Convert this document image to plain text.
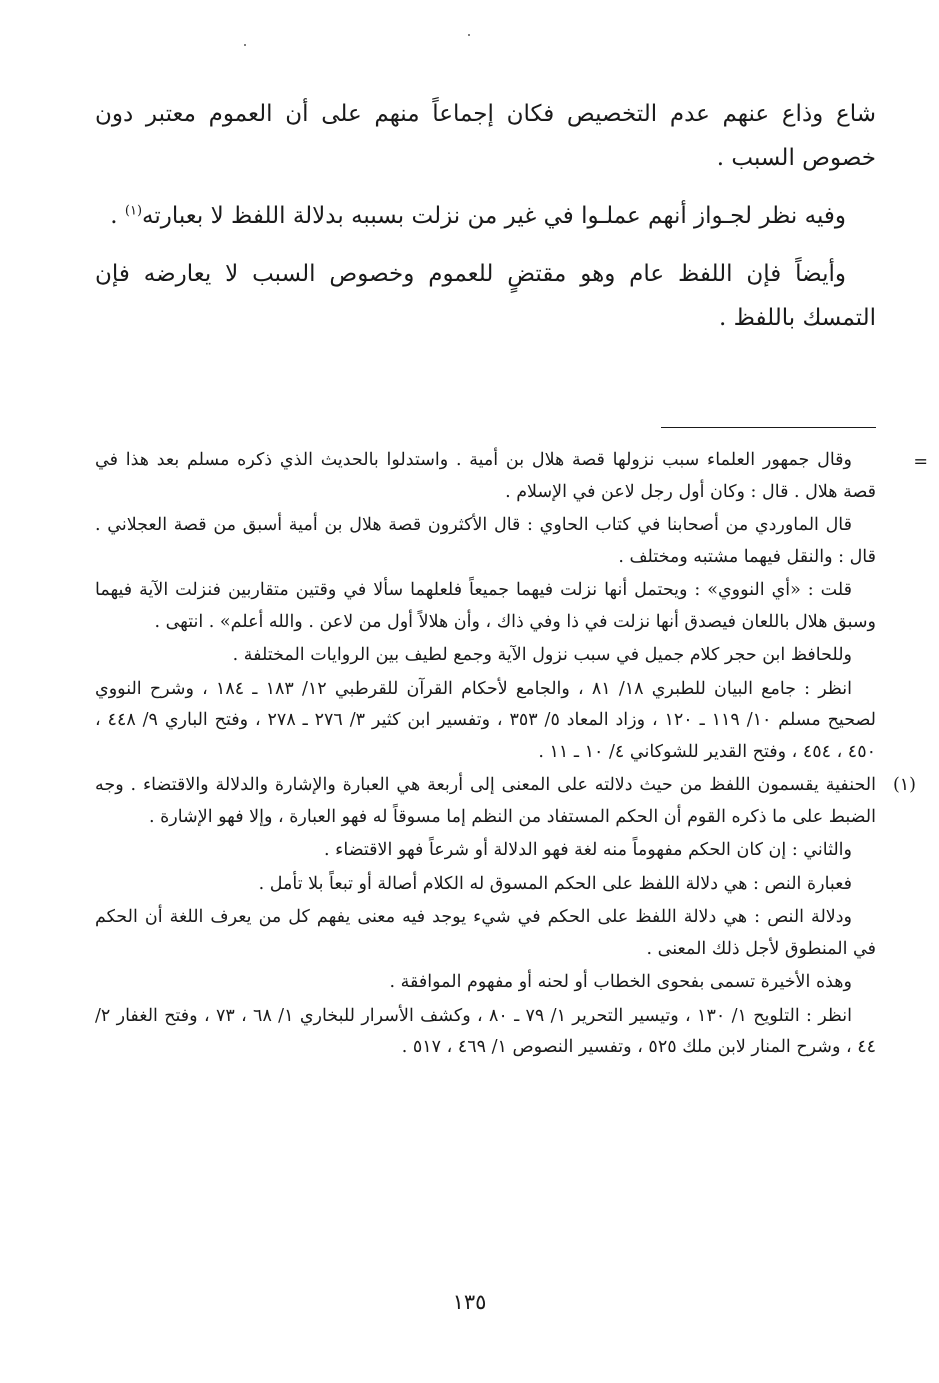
شاع وذاع عنهم عدم التخصيص فكان إجماعاً منهم على أن العموم معتبر دون خصوص السبب .

وفيه نظر لجـواز أنهم عملـوا في غير من نزلت بسببه بدلالة اللفظ لا بعبارته$^{(١)}$ .

وأيضاً فإن اللفظ عام وهو مقتضٍ للعموم وخصوص السبب لا يعارضه فإن التمسك باللفظ .

=

وقال جمهور العلماء سبب نزولها قصة هلال بن أمية . واستدلوا بالحديث الذي ذكره مسلم بعد هذا في قصة هلال . قال : وكان أول رجل لاعن في الإسلام .

قال الماوردي من أصحابنا في كتاب الحاوي : قال الأكثرون قصة هلال بن أمية أسبق من قصة العجلاني . قال : والنقل فيهما مشتبه ومختلف .

قلت : «أي النووي» : ويحتمل أنها نزلت فيهما جميعاً فلعلهما سألا في وقتين متقاربين فنزلت الآية فيهما وسبق هلال باللعان فيصدق أنها نزلت في ذا وفي ذاك ، وأن هلالاً أول من لاعن . والله أعلم» . انتهى .

وللحافظ ابن حجر كلام جميل في سبب نزول الآية وجمع لطيف بين الروايات المختلفة .

انظر : جامع البيان للطبري ١٨/ ٨١ ، والجامع لأحكام القرآن للقرطبي ١٢/ ١٨٣ ـ ١٨٤ ، وشرح النووي لصحيح مسلم ١٠/ ١١٩ ـ ١٢٠ ، وزاد المعاد ٥/ ٣٥٣ ، وتفسير ابن كثير ٣/ ٢٧٦ ـ ٢٧٨ ، وفتح الباري ٩/ ٤٤٨ ، ٤٥٠ ، ٤٥٤ ، وفتح القدير للشوكاني ٤/ ١٠ ـ ١١ .

(١)

الحنفية يقسمون اللفظ من حيث دلالته على المعنى إلى أربعة هي العبارة والإشارة والدلالة والاقتضاء . وجه الضبط على ما ذكره القوم أن الحكم المستفاد من النظم إما مسوقاً له فهو العبارة ، وإلا فهو الإشارة .

والثاني : إن كان الحكم مفهوماً منه لغة فهو الدلالة أو شرعاً فهو الاقتضاء .

فعبارة النص : هي دلالة اللفظ على الحكم المسوق له الكلام أصالة أو تبعاً بلا تأمل .

ودلالة النص : هي دلالة اللفظ على الحكم في شيء يوجد فيه معنى يفهم كل من يعرف اللغة أن الحكم في المنطوق لأجل ذلك المعنى .

وهذه الأخيرة تسمى بفحوى الخطاب أو لحنه أو مفهوم الموافقة .

انظر : التلويح ١/ ١٣٠ ، وتيسير التحرير ١/ ٧٩ ـ ٨٠ ، وكشف الأسرار للبخاري ١/ ٦٨ ، ٧٣ ، وفتح الغفار ٢/ ٤٤ ، وشرح المنار لابن ملك ٥٢٥ ، وتفسير النصوص ١/ ٤٦٩ ، ٥١٧ .

١٣٥
